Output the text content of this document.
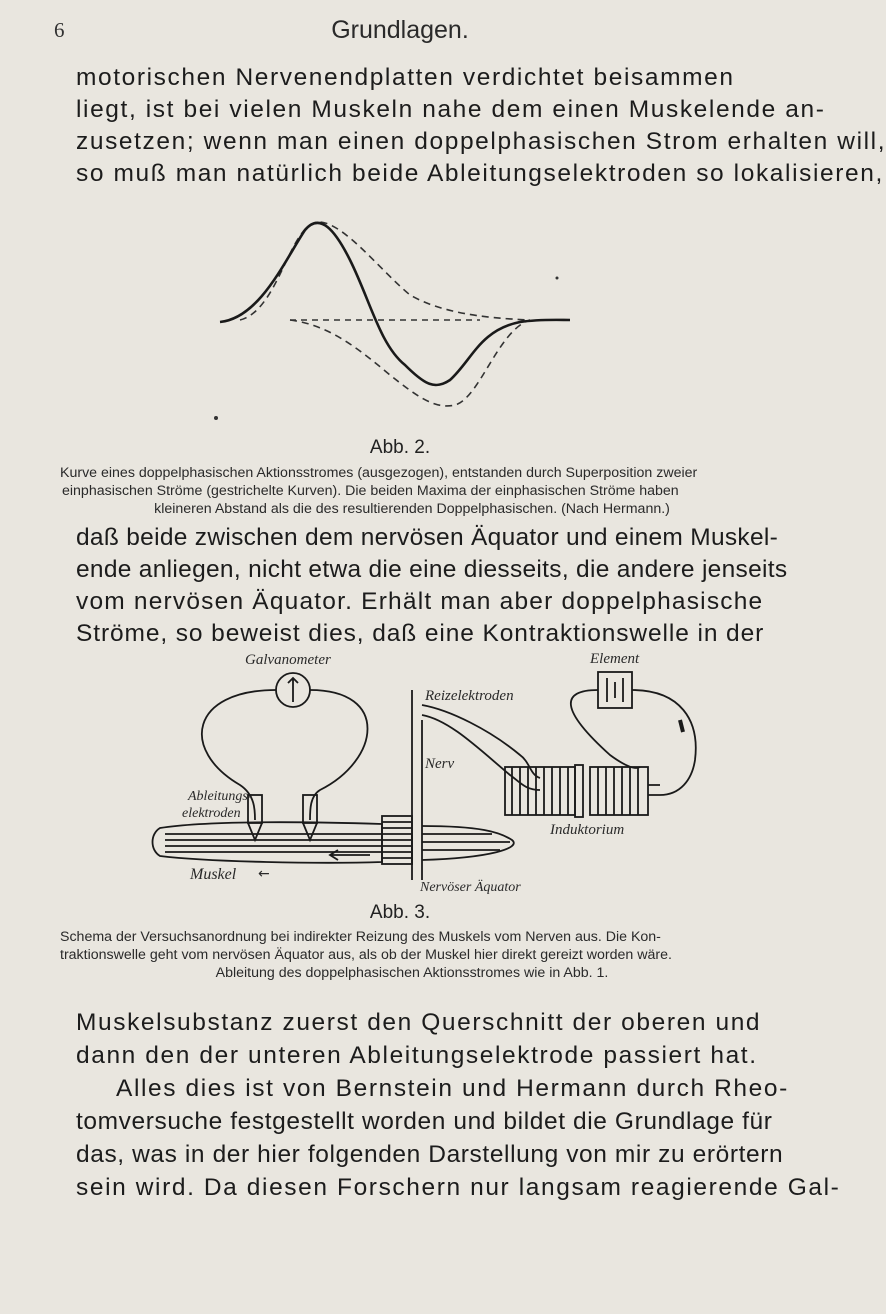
6	Grundlagen.
motorischen Nervenendplatten verdichtet beisammen
liegt, ist bei vielen Muskeln nahe dem einen Muskelende an-
zusetzen; wenn man einen doppelphasischen Strom erhalten will,
so muß man natürlich beide Ableitungselektroden so lokalisieren,
Abb. 2.
Kurve eines doppelphasischen Aktionsstromes (ausgezogen), entstanden durch Superposition zweier
einphasischen Ströme (gestrichelte Kurven). Die beiden Maxima der einphasischen Ströme haben
kleineren Abstand als die des resultierenden Doppelphasischen. (Nach Hermann.)
daß beide zwischen dem nervösen Äquator und einem Muskel-
ende anliegen, nicht etwa die eine diesseits, die andere jenseits
vom nervösen Äquator. Erhält man aber doppelphasische
Ströme, so beweist dies, daß eine Kontraktionswelle in der
Galvanometer	Element
Reizelektroden
Nerv
Ableitungs-
elektroden
Induktorium
Muskel ←
Nervöser Äquator
Abb. 3.
Schema der Versuchsanordnung bei indirekter Reizung des Muskels vom Nerven aus. Die Kon-
traktionswelle geht vom nervösen Äquator aus, als ob der Muskel hier direkt gereizt worden wäre.
Ableitung des doppelphasischen Aktionsstromes wie in Abb. 1.
Muskelsubstanz zuerst den Querschnitt der oberen und
dann den der unteren Ableitungselektrode passiert hat.
Alles dies ist von Bernstein und Hermann durch Rheo-
tomversuche festgestellt worden und bildet die Grundlage für
das, was in der hier folgenden Darstellung von mir zu erörtern
sein wird. Da diesen Forschern nur langsam reagierende Gal-
